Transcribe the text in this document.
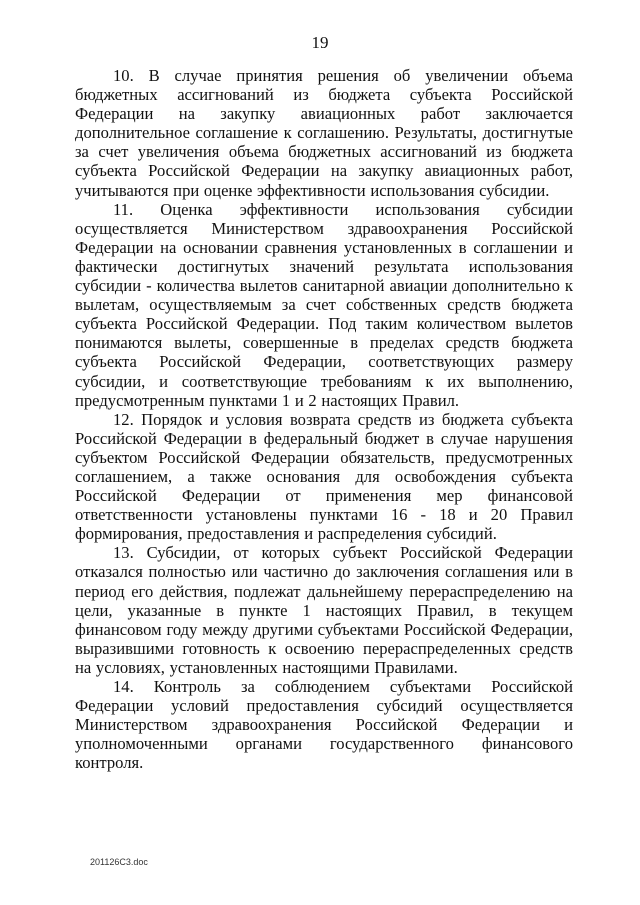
19

10. В случае принятия решения об увеличении объема бюджетных ассигнований из бюджета субъекта Российской Федерации на закупку авиационных работ заключается дополнительное соглашение к соглашению. Результаты, достигнутые за счет увеличения объема бюджетных ассигнований из бюджета субъекта Российской Федерации на закупку авиационных работ, учитываются при оценке эффективности использования субсидии.

11. Оценка эффективности использования субсидии осуществляется Министерством здравоохранения Российской Федерации на основании сравнения установленных в соглашении и фактически достигнутых значений результата использования субсидии - количества вылетов санитарной авиации дополнительно к вылетам, осуществляемым за счет собственных средств бюджета субъекта Российской Федерации. Под таким количеством вылетов понимаются вылеты, совершенные в пределах средств бюджета субъекта Российской Федерации, соответствующих размеру субсидии, и соответствующие требованиям к их выполнению, предусмотренным пунктами 1 и 2 настоящих Правил.

12. Порядок и условия возврата средств из бюджета субъекта Российской Федерации в федеральный бюджет в случае нарушения субъектом Российской Федерации обязательств, предусмотренных соглашением, а также основания для освобождения субъекта Российской Федерации от применения мер финансовой ответственности установлены пунктами 16 - 18 и 20 Правил формирования, предоставления и распределения субсидий.

13. Субсидии, от которых субъект Российской Федерации отказался полностью или частично до заключения соглашения или в период его действия, подлежат дальнейшему перераспределению на цели, указанные в пункте 1 настоящих Правил, в текущем финансовом году между другими субъектами Российской Федерации, выразившими готовность к освоению перераспределенных средств на условиях, установленных настоящими Правилами.

14. Контроль за соблюдением субъектами Российской Федерации условий предоставления субсидий осуществляется Министерством здравоохранения Российской Федерации и уполномоченными органами государственного финансового контроля.

201126C3.doc
